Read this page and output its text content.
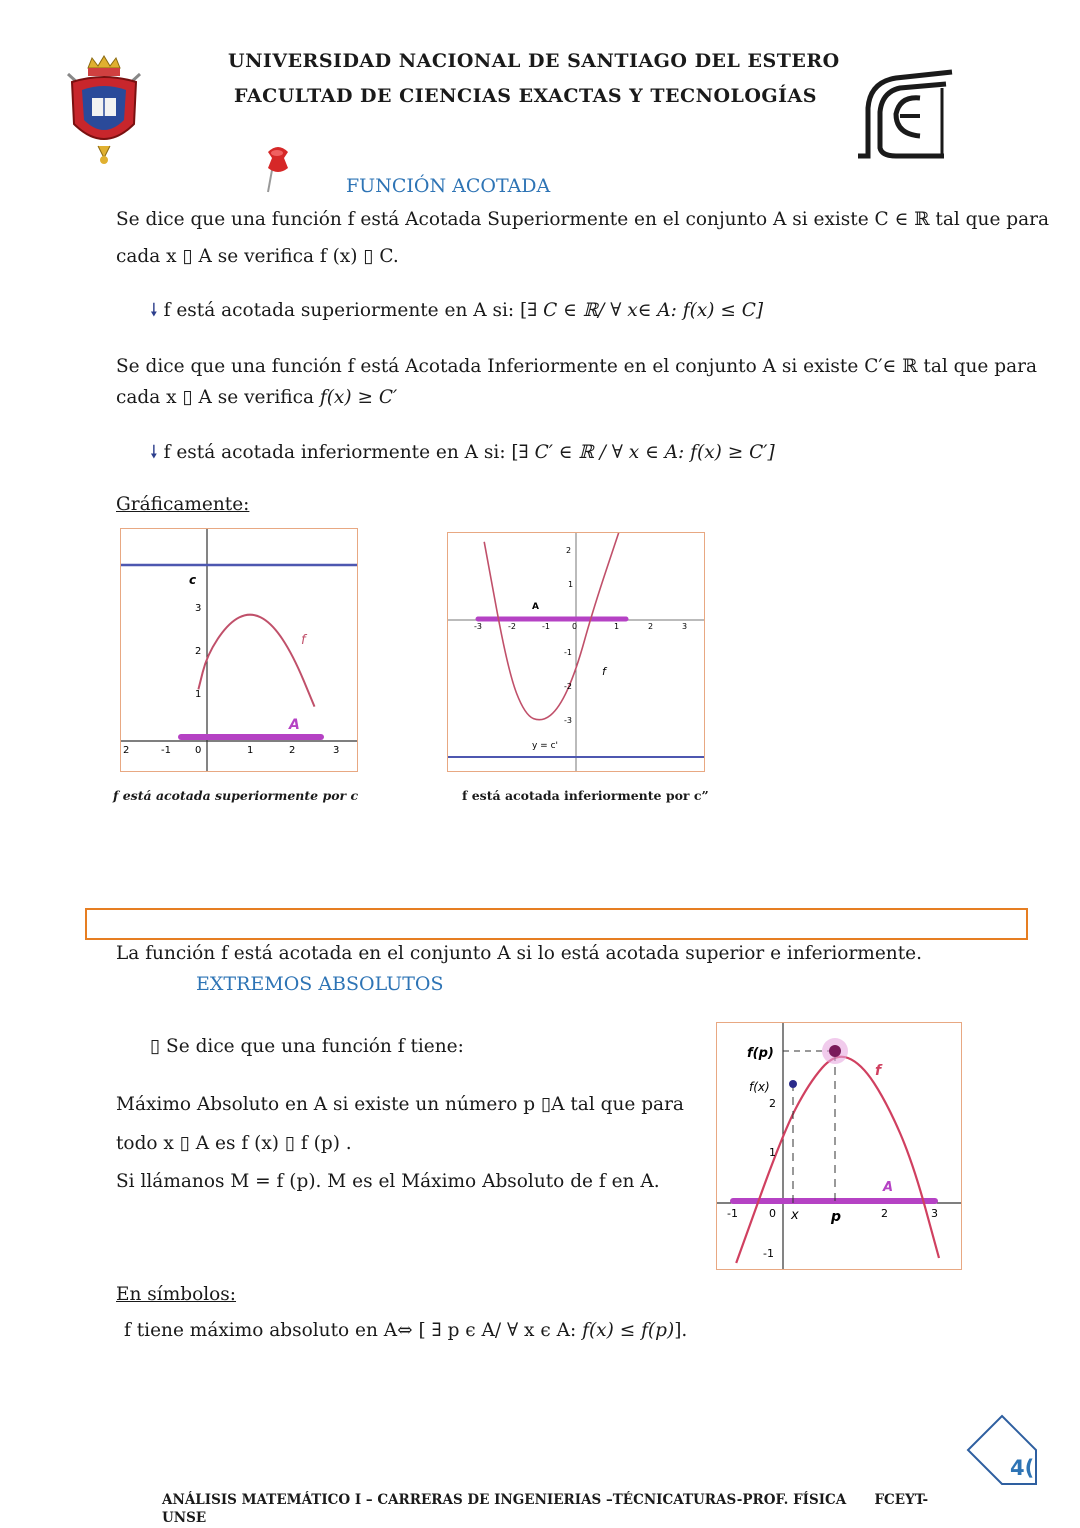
UNIVERSIDAD NACIONAL DE SANTIAGO DEL ESTERO
FACULTAD DE CIENCIAS EXACTAS Y TECNOLOGÍAS
FUNCIÓN ACOTADA
Se dice que una función f está Acotada Superiormente en el conjunto A si existe C ∈ ℝ tal que para
cada x ▯ A se verifica f (x) ▯ C.
🠗 f está acotada superiormente en A si: [∃ C ∈ ℝ/ ∀ x∈ A: f(x) ≤ C]
Se dice que una función f está Acotada Inferiormente en el conjunto A si existe C′∈ ℝ tal que para
cada x ▯ A se verifica f(x) ≥ C′
🠗 f está acotada inferiormente en A si: [∃ C′ ∈ ℝ / ∀ x ∈ A: f(x) ≥ C′]
Gráficamente:
c
f
A
1
2
3
2	-1 0	1	2	3	y = c'
f
A
2
1
-1
-2
-3
-3	-2	-1	0	1	2	3
f está acotada superiormente por c	f está acotada inferiormente por c”
La función f está acotada en el conjunto A si lo está acotada superior e inferiormente.
EXTREMOS ABSOLUTOS
▯ Se dice que una función f tiene:
Máximo Absoluto en A si existe un número p ▯A tal que para
todo x ▯ A es f (x) ▯ f (p) .
Si llámanos M = f (p). M es el Máximo Absoluto de f en A.
f(p)
f(x)
f
A
2
1
-1
-1	0 x p	2	3
En símbolos:
f tiene máximo absoluto en A⇔ [ ∃ p є A/ ∀ x є A: f(x) ≤ f(p)].
4(
ANÁLISIS MATEMÁTICO I – CARRERAS DE INGENIERIAS –TÉCNICATURAS-PROF. FÍSICA      FCEYT-
UNSE
